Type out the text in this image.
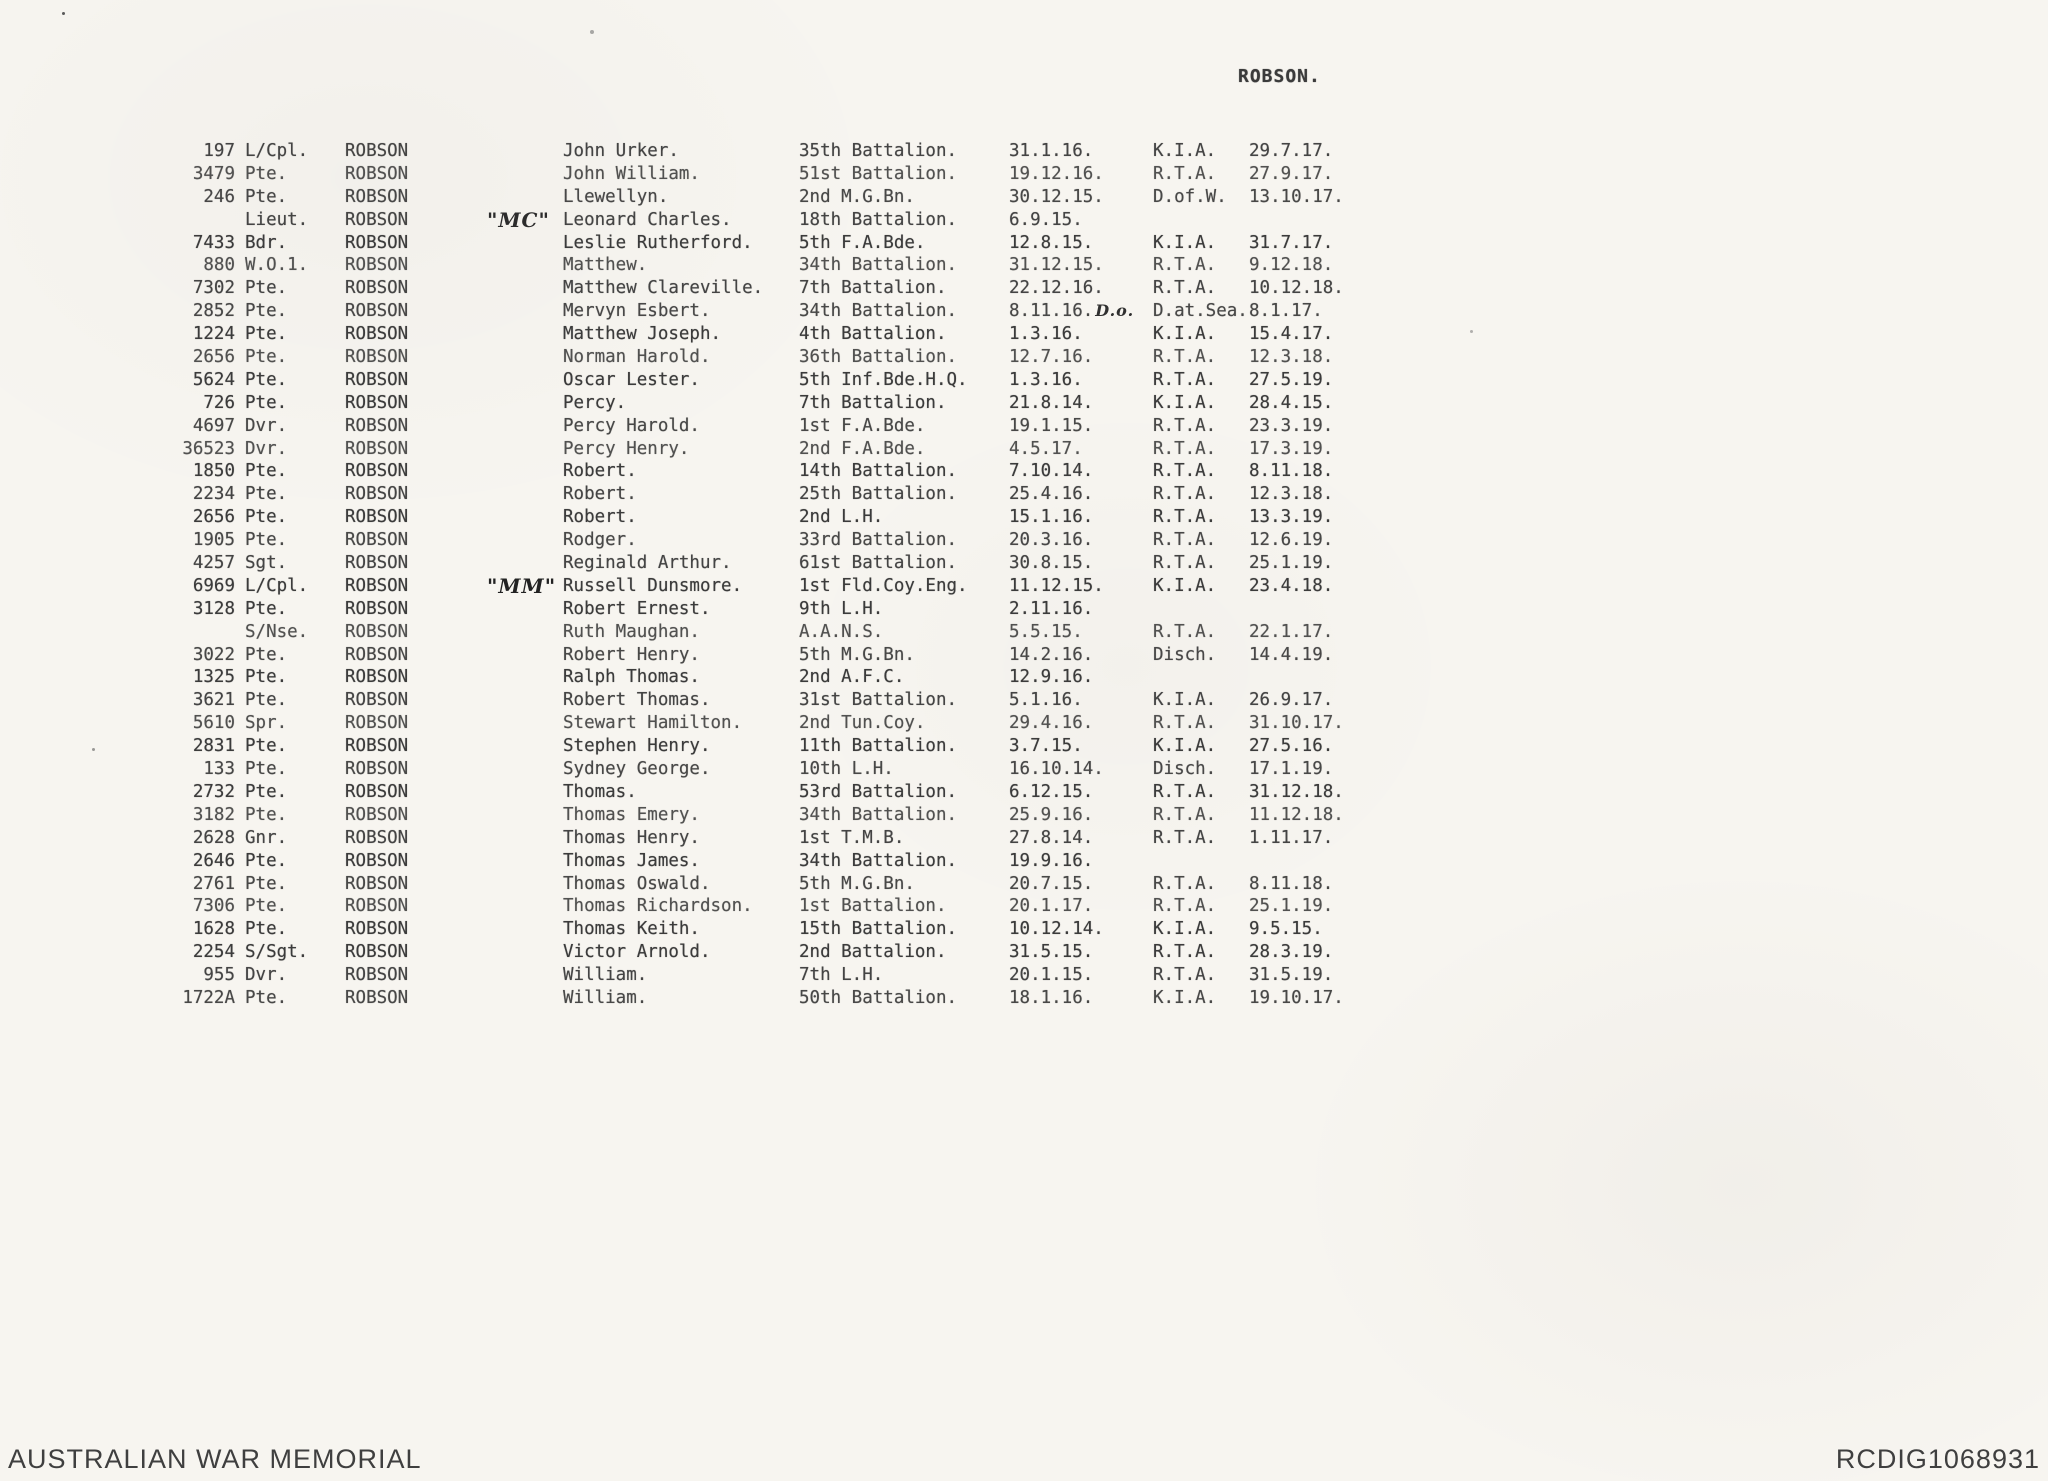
ROBSON.
197 L/Cpl.	ROBSON	John Urker.	35th Battalion.	31.1.16.	K.I.A.	29.7.17.
3479 Pte.	ROBSON	John William.	51st Battalion.	19.12.16.	R.T.A.	27.9.17.
246 Pte.	ROBSON	Llewellyn.	2nd M.G.Bn.	30.12.15.	D.of.W.	13.10.17.
Lieut.	ROBSON	"MC" Leonard Charles.	18th Battalion.	6.9.15.
7433 Bdr.	ROBSON	Leslie Rutherford.	5th F.A.Bde.	12.8.15.	K.I.A.	31.7.17.
880 W.O.1.	ROBSON	Matthew.	34th Battalion.	31.12.15.	R.T.A.	9.12.18.
7302 Pte.	ROBSON	Matthew Clareville.	7th Battalion.	22.12.16.	R.T.A.	10.12.18.
2852 Pte.	ROBSON	Mervyn Esbert.	34th Battalion.	8.11.16. D.o.	D.at.Sea. 8.1.17.
1224 Pte.	ROBSON	Matthew Joseph.	4th Battalion.	1.3.16.	K.I.A.	15.4.17.
2656 Pte.	ROBSON	Norman Harold.	36th Battalion.	12.7.16.	R.T.A.	12.3.18.
5624 Pte.	ROBSON	Oscar Lester.	5th Inf.Bde.H.Q.	1.3.16.	R.T.A.	27.5.19.
726 Pte.	ROBSON	Percy.	7th Battalion.	21.8.14.	K.I.A.	28.4.15.
4697 Dvr.	ROBSON	Percy Harold.	1st F.A.Bde.	19.1.15.	R.T.A.	23.3.19.
36523 Dvr.	ROBSON	Percy Henry.	2nd F.A.Bde.	4.5.17.	R.T.A.	17.3.19.
1850 Pte.	ROBSON	Robert.	14th Battalion.	7.10.14.	R.T.A.	8.11.18.
2234 Pte.	ROBSON	Robert.	25th Battalion.	25.4.16.	R.T.A.	12.3.18.
2656 Pte.	ROBSON	Robert.	2nd L.H.	15.1.16.	R.T.A.	13.3.19.
1905 Pte.	ROBSON	Rodger.	33rd Battalion.	20.3.16.	R.T.A.	12.6.19.
4257 Sgt.	ROBSON	Reginald Arthur.	61st Battalion.	30.8.15.	R.T.A.	25.1.19.
6969 L/Cpl.	ROBSON	"MM" Russell Dunsmore.	1st Fld.Coy.Eng.	11.12.15.	K.I.A.	23.4.18.
3128 Pte.	ROBSON	Robert Ernest.	9th L.H.	2.11.16.
S/Nse.	ROBSON	Ruth Maughan.	A.A.N.S.	5.5.15.	R.T.A.	22.1.17.
3022 Pte.	ROBSON	Robert Henry.	5th M.G.Bn.	14.2.16.	Disch.	14.4.19.
1325 Pte.	ROBSON	Ralph Thomas.	2nd A.F.C.	12.9.16.
3621 Pte.	ROBSON	Robert Thomas.	31st Battalion.	5.1.16.	K.I.A.	26.9.17.
5610 Spr.	ROBSON	Stewart Hamilton.	2nd Tun.Coy.	29.4.16.	R.T.A.	31.10.17.
2831 Pte.	ROBSON	Stephen Henry.	11th Battalion.	3.7.15.	K.I.A.	27.5.16.
133 Pte.	ROBSON	Sydney George.	10th L.H.	16.10.14.	Disch.	17.1.19.
2732 Pte.	ROBSON	Thomas.	53rd Battalion.	6.12.15.	R.T.A.	31.12.18.
3182 Pte.	ROBSON	Thomas Emery.	34th Battalion.	25.9.16.	R.T.A.	11.12.18.
2628 Gnr.	ROBSON	Thomas Henry.	1st T.M.B.	27.8.14.	R.T.A.	1.11.17.
2646 Pte.	ROBSON	Thomas James.	34th Battalion.	19.9.16.
2761 Pte.	ROBSON	Thomas Oswald.	5th M.G.Bn.	20.7.15.	R.T.A.	8.11.18.
7306 Pte.	ROBSON	Thomas Richardson.	1st Battalion.	20.1.17.	R.T.A.	25.1.19.
1628 Pte.	ROBSON	Thomas Keith.	15th Battalion.	10.12.14.	K.I.A.	9.5.15.
2254 S/Sgt.	ROBSON	Victor Arnold.	2nd Battalion.	31.5.15.	R.T.A.	28.3.19.
955 Dvr.	ROBSON	William.	7th L.H.	20.1.15.	R.T.A.	31.5.19.
1722A Pte.	ROBSON	William.	50th Battalion.	18.1.16.	K.I.A.	19.10.17.
AUSTRALIAN WAR MEMORIAL	RCDIG1068931
